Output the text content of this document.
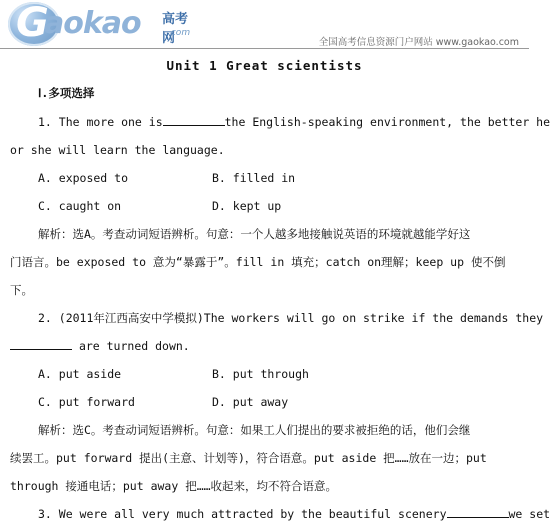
G
aokao 高考网
.com
全国高考信息资源门户网站 www.gaokao.com
Unit 1 Great scientists
Ⅰ.多项选择
1. The more one is	the English-speaking environment, the better he
or she will learn the language.
A. exposed to	B. filled in
C. caught on	D. kept up
解析：选A。考查动词短语辨析。句意：一个人越多地接触说英语的环境就越能学好这
门语言。be exposed to 意为“暴露于”。fill in 填充；catch on理解；keep up 使不倒
下。
2. (2011年江西高安中学模拟)The workers will go on strike if the demands they
are turned down.
A. put aside	B. put through
C. put forward	D. put away
解析：选C。考查动词短语辨析。句意：如果工人们提出的要求被拒绝的话，他们会继
续罢工。put forward 提出(主意、计划等)，符合语意。put aside 把……放在一边；put
through 接通电话；put away 把……收起来，均不符合语意。
3. We were all very much attracted by the beautiful scenery	we set
